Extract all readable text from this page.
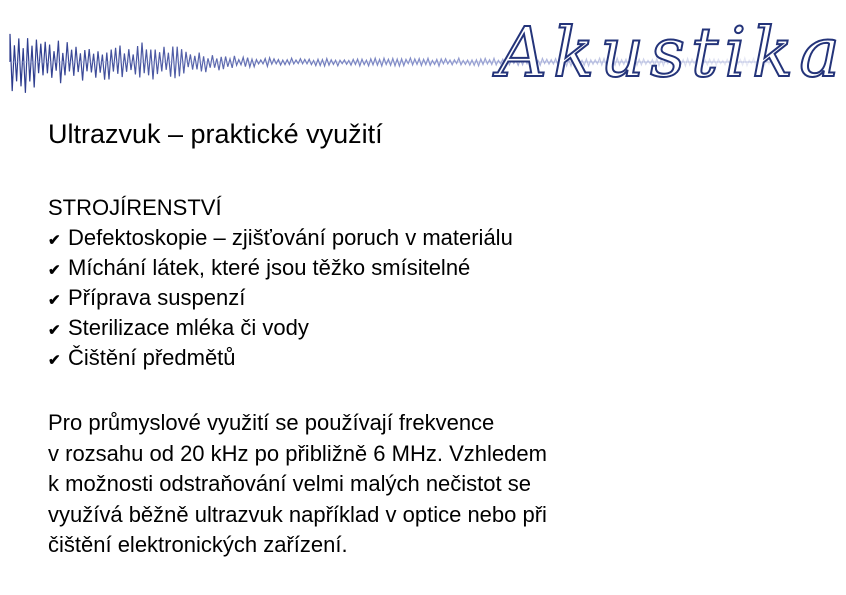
Akustika
Ultrazvuk – praktické využití
STROJÍRENSTVÍ
✔ Defektoskopie – zjišťování poruch v materiálu
✔ Míchání látek, které jsou těžko smísitelné
✔ Příprava suspenzí
✔ Sterilizace mléka či vody
✔ Čištění předmětů

Pro průmyslové využití se používají frekvence
v rozsahu od 20 kHz po přibližně 6 MHz. Vzhledem
k možnosti odstraňování velmi malých nečistot se
využívá běžně ultrazvuk například v optice nebo při
čištění elektronických zařízení.
